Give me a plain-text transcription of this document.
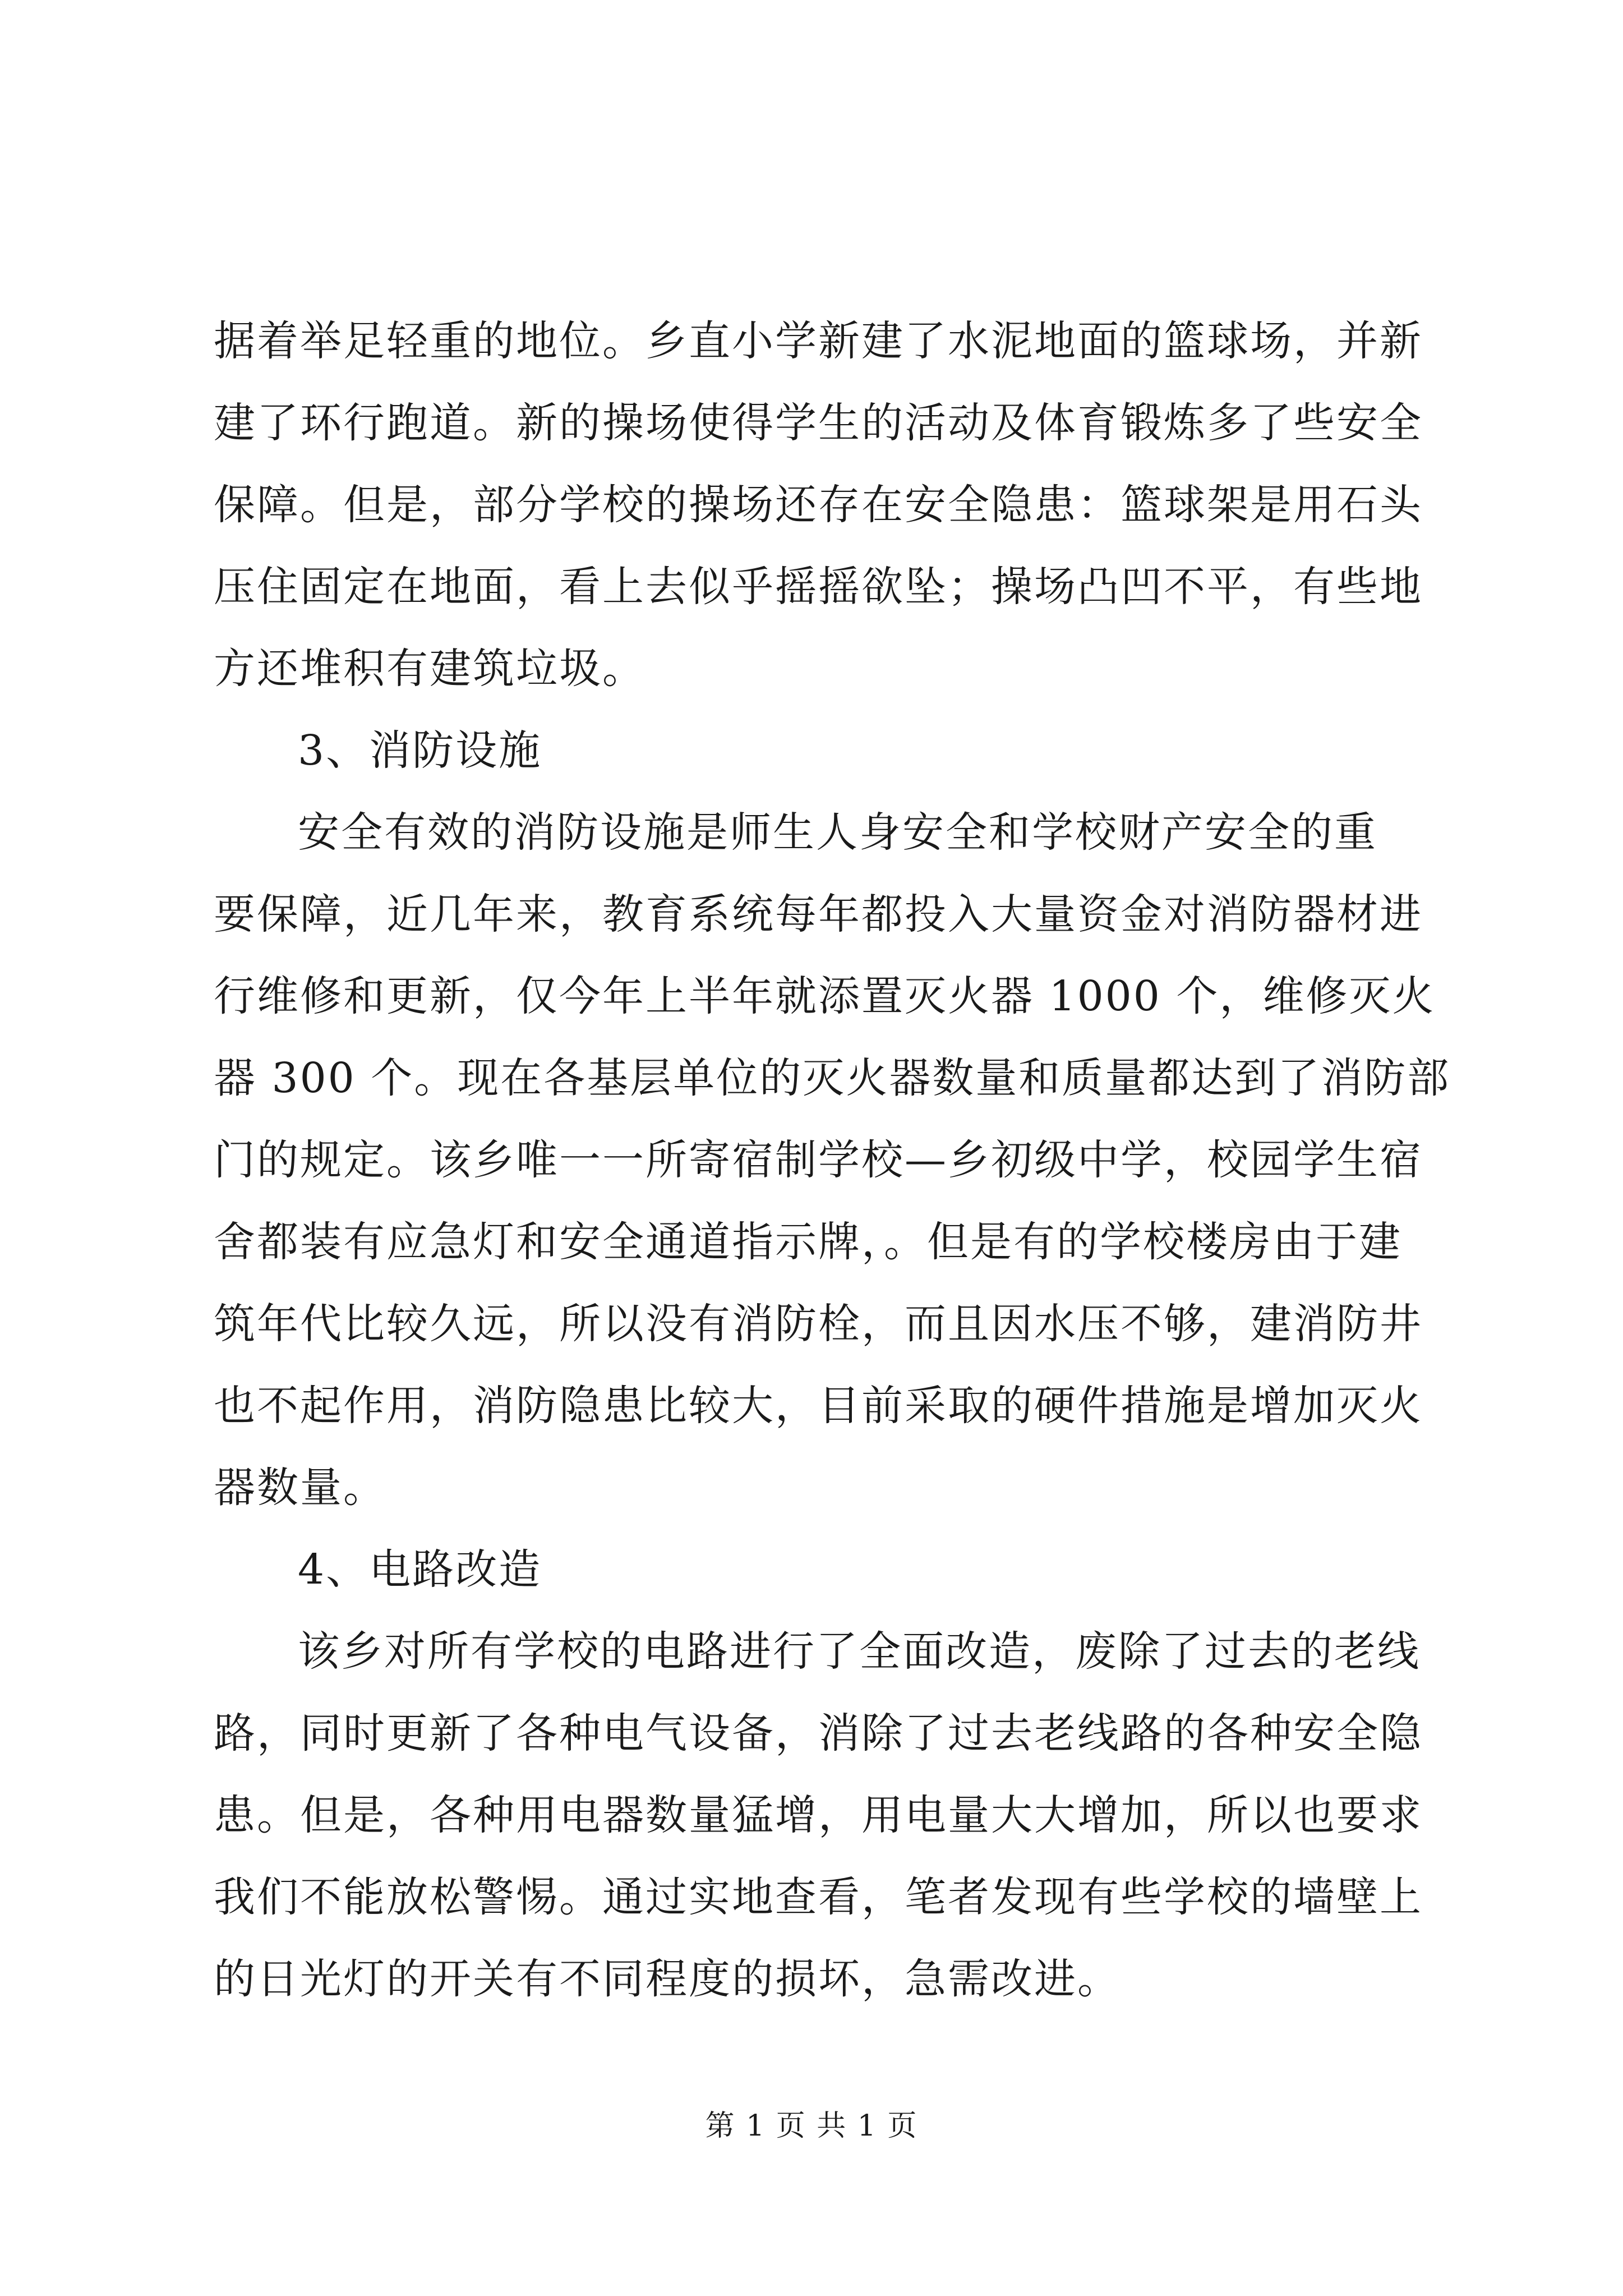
据着举足轻重的地位。乡直小学新建了水泥地面的篮球场，并新
建了环行跑道。新的操场使得学生的活动及体育锻炼多了些安全
保障。但是，部分学校的操场还存在安全隐患：篮球架是用石头
压住固定在地面，看上去似乎摇摇欲坠；操场凸凹不平，有些地
方还堆积有建筑垃圾。
3、消防设施
安全有效的消防设施是师生人身安全和学校财产安全的重
要保障，近几年来，教育系统每年都投入大量资金对消防器材进
行维修和更新，仅今年上半年就添置灭火器 1000 个，维修灭火
器 300 个。现在各基层单位的灭火器数量和质量都达到了消防部
门的规定。该乡唯一一所寄宿制学校—乡初级中学，校园学生宿
舍都装有应急灯和安全通道指示牌，。但是有的学校楼房由于建
筑年代比较久远，所以没有消防栓，而且因水压不够，建消防井
也不起作用，消防隐患比较大，目前采取的硬件措施是增加灭火
器数量。
4、电路改造
该乡对所有学校的电路进行了全面改造，废除了过去的老线
路，同时更新了各种电气设备，消除了过去老线路的各种安全隐
患。但是，各种用电器数量猛增，用电量大大增加，所以也要求
我们不能放松警惕。通过实地查看，笔者发现有些学校的墙壁上
的日光灯的开关有不同程度的损坏，急需改进。
第 1 页 共 1 页
